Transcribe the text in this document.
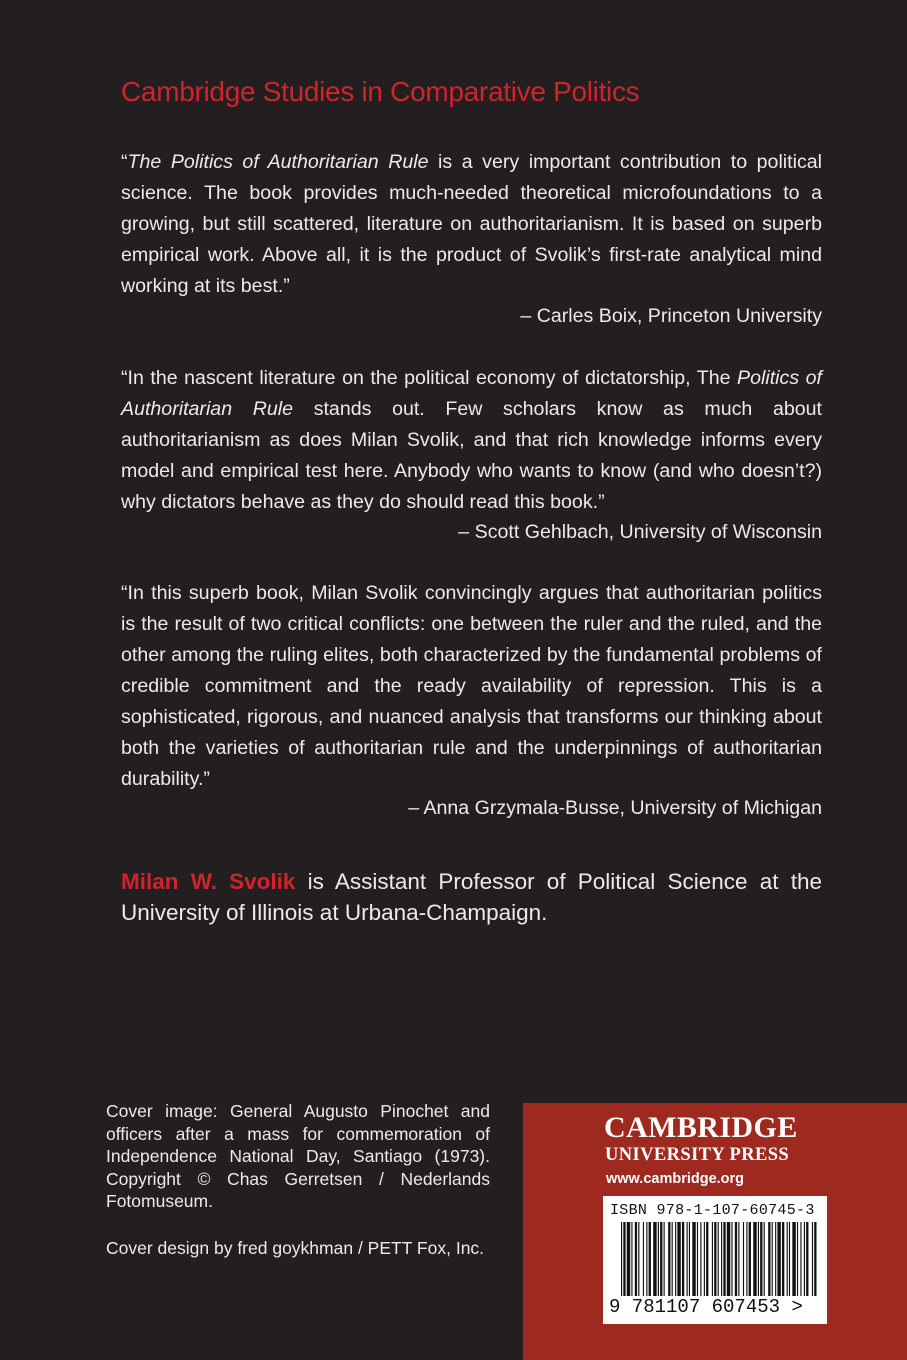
Cambridge Studies in Comparative Politics

“The Politics of Authoritarian Rule is a very important contribution to political science. The book provides much-needed theoretical microfoundations to a growing, but still scattered, literature on authoritarianism. It is based on superb empirical work. Above all, it is the product of Svolik’s first-rate analytical mind working at its best.”

– Carles Boix, Princeton University

“In the nascent literature on the political economy of dictatorship, The Politics of Authoritarian Rule stands out. Few scholars know as much about authoritarianism as does Milan Svolik, and that rich knowledge informs every model and empirical test here. Anybody who wants to know (and who doesn’t?) why dictators behave as they do should read this book.”

– Scott Gehlbach, University of Wisconsin

“In this superb book, Milan Svolik convincingly argues that authoritarian politics is the result of two critical conflicts: one between the ruler and the ruled, and the other among the ruling elites, both characterized by the fundamental problems of credible commitment and the ready availability of repression. This is a sophisticated, rigorous, and nuanced analysis that transforms our thinking about both the varieties of authoritarian rule and the underpinnings of authoritarian durability.”

– Anna Grzymala-Busse, University of Michigan

Milan W. Svolik is Assistant Professor of Political Science at the University of Illinois at Urbana-Champaign.

Cover image: General Augusto Pinochet and officers after a mass for commemoration of Independence National Day, Santiago (1973). Copyright © Chas Gerretsen / Nederlands Fotomuseum.

Cover design by fred goykhman / PETT Fox, Inc.

CAMBRIDGE
UNIVERSITY PRESS
www.cambridge.org
ISBN 978-1-107-60745-3
9 781107 607453 >
